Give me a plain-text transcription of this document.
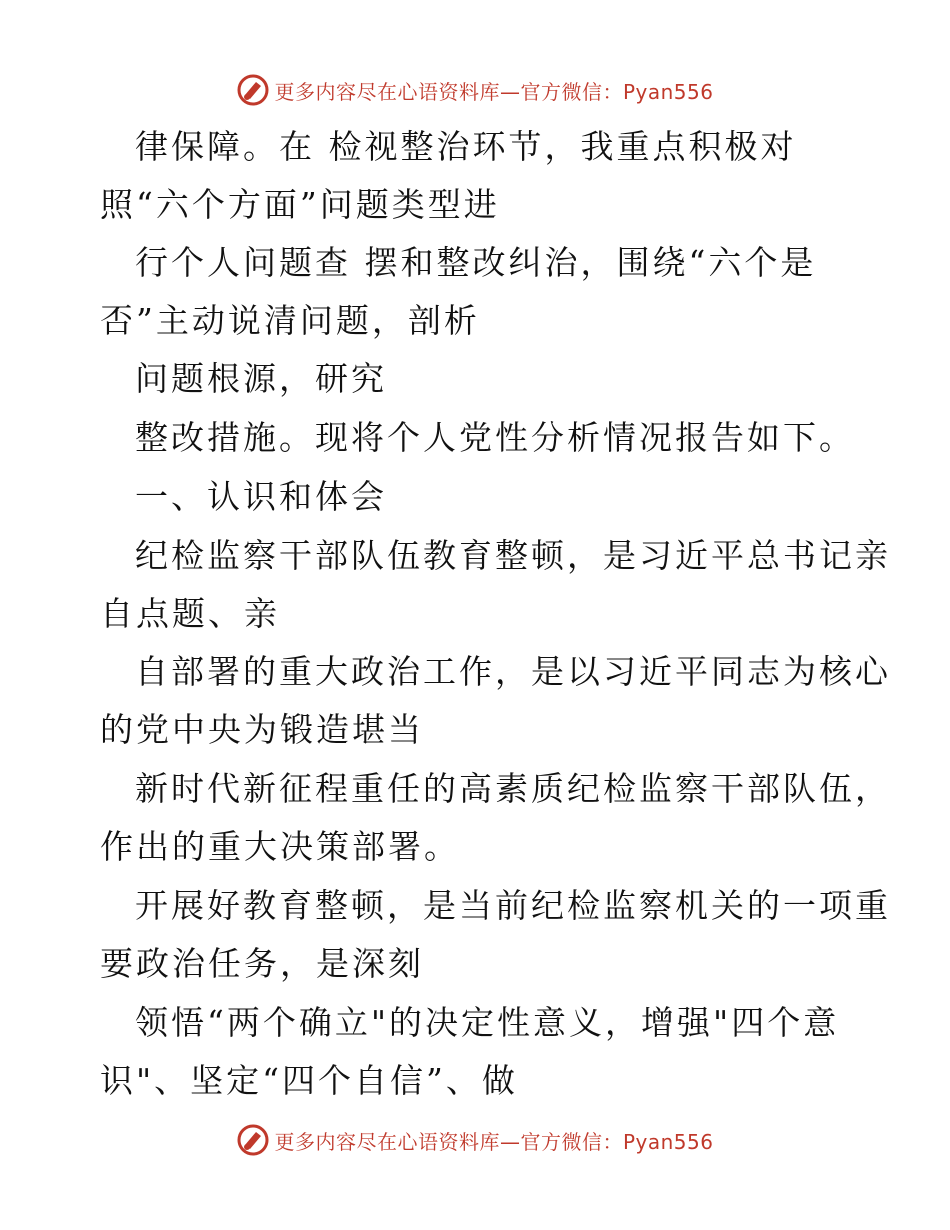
更多内容尽在心语资料库—官方微信：Pyan556
律保障。在 检视整治环节，我重点积极对
照“六个方面”问题类型进
行个人问题查 摆和整改纠治，围绕“六个是
否”主动说清问题，剖析
问题根源，研究
整改措施。现将个人党性分析情况报告如下。
一、认识和体会
纪检监察干部队伍教育整顿，是习近平总书记亲
自点题、亲
自部署的重大政治工作，是以习近平同志为核心
的党中央为锻造堪当
新时代新征程重任的高素质纪检监察干部队伍，
作出的重大决策部署。
开展好教育整顿，是当前纪检监察机关的一项重
要政治任务，是深刻
领悟“两个确立"的决定性意义，增强"四个意
识"、坚定“四个自信”、做
更多内容尽在心语资料库—官方微信：Pyan556
